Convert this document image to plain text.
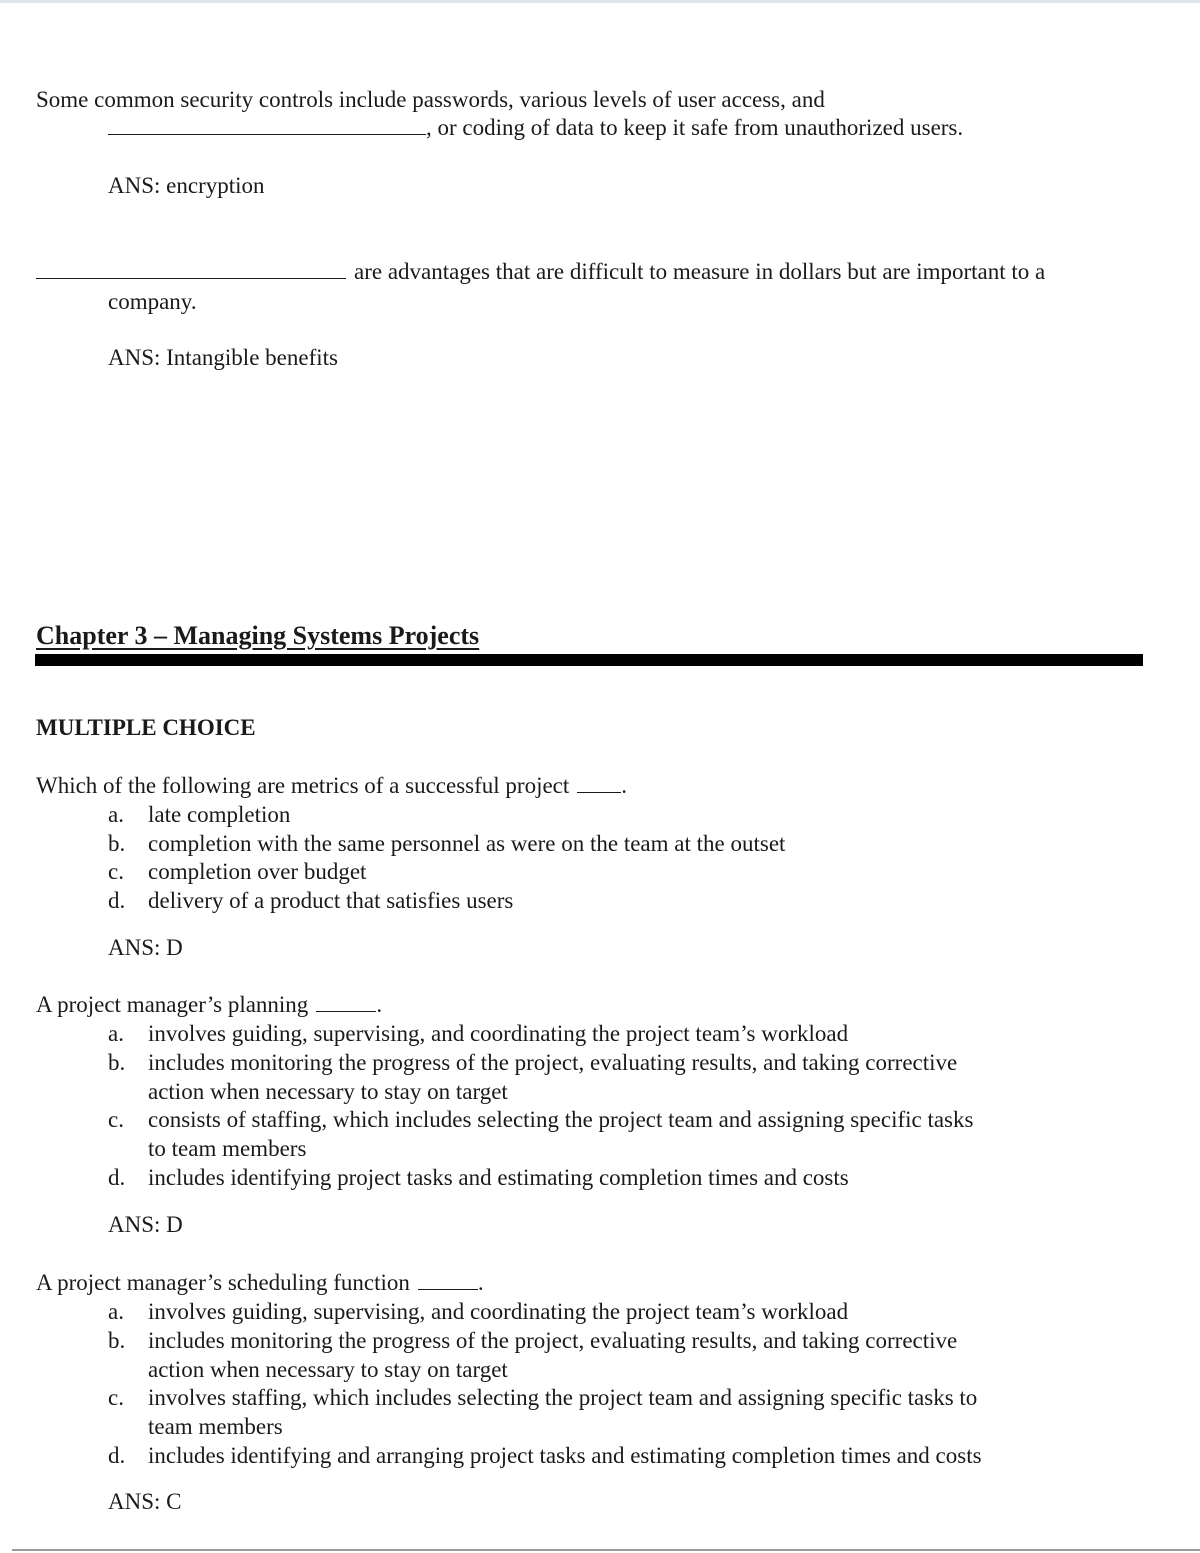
Some common security controls include passwords, various levels of user access, and
, or coding of data to keep it safe from unauthorized users.
ANS: encryption
are advantages that are difficult to measure in dollars but are important to a
company.
ANS: Intangible benefits
Chapter 3 – Managing Systems Projects
MULTIPLE CHOICE
Which of the following are metrics of a successful project .
a. late completion
b. completion with the same personnel as were on the team at the outset
c. completion over budget
d. delivery of a product that satisfies users
ANS: D
A project manager’s planning	.
a. involves guiding, supervising, and coordinating the project team’s workload
b. includes monitoring the progress of the project, evaluating results, and taking corrective
action when necessary to stay on target
c. consists of staffing, which includes selecting the project team and assigning specific tasks
to team members
d. includes identifying project tasks and estimating completion times and costs
ANS: D
A project manager’s scheduling function	.
a. involves guiding, supervising, and coordinating the project team’s workload
b. includes monitoring the progress of the project, evaluating results, and taking corrective
action when necessary to stay on target
c. involves staffing, which includes selecting the project team and assigning specific tasks to
team members
d. includes identifying and arranging project tasks and estimating completion times and costs
ANS: C
